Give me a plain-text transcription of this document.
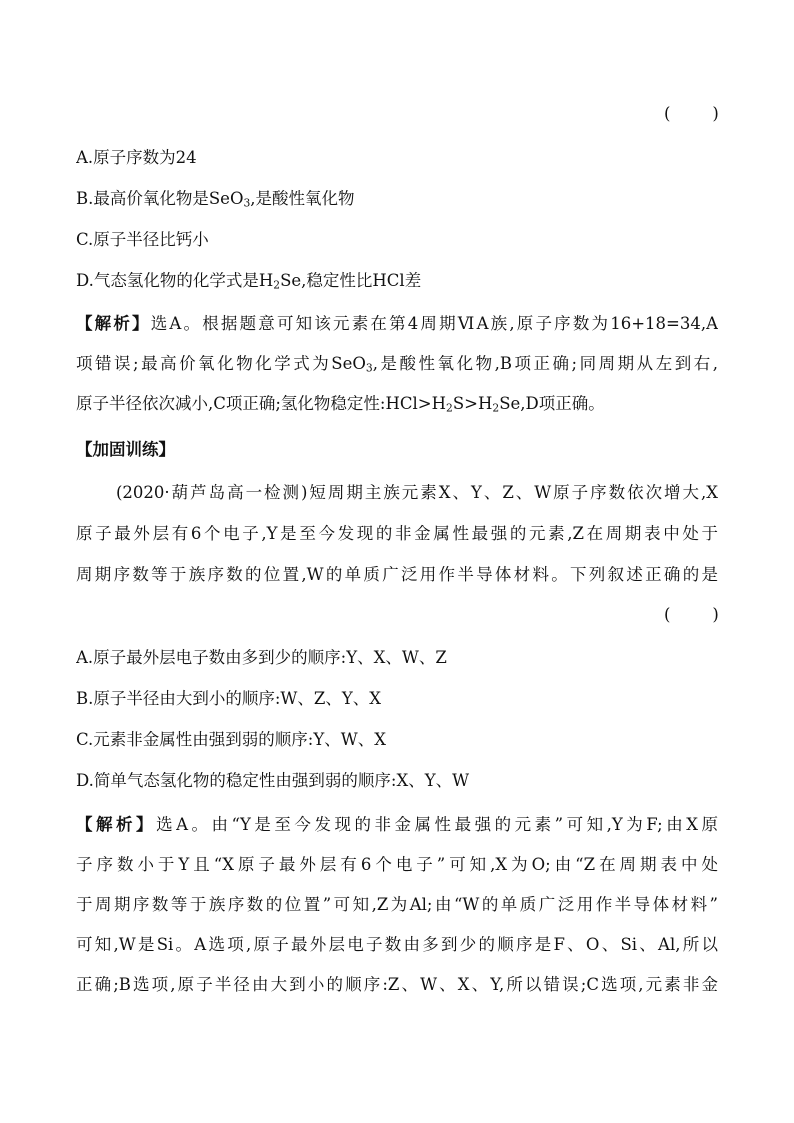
(        )
A.原子序数为24
B.最高价氧化物是SeO$_3$,是酸性氧化物
C.原子半径比钙小
D.气态氢化物的化学式是$H_2Se$,稳定性比HCl差
【解析】选A。根据题意可知该元素在第4周期ⅥA族,原子序数为16+18=34,A
项错误;最高价氧化物化学式为SeO$_3$,是酸性氧化物,B项正确;同周期从左到右,
原子半径依次减小,C项正确;氢化物稳定性$:HCl>H_2S>H_2Se,D$项正确。
【加固训练】
(2020·葫芦岛高一检测)短周期主族元素X、Y、Z、W原子序数依次增大,X
原子最外层有6个电子,Y是至今发现的非金属性最强的元素,Z在周期表中处于
周期序数等于族序数的位置,W的单质广泛用作半导体材料。下列叙述正确的是
(        )
A.原子最外层电子数由多到少的顺序:Y、X、W、Z
B.原子半径由大到小的顺序:W、Z、Y、X
C.元素非金属性由强到弱的顺序:Y、W、X
D.简单气态氢化物的稳定性由强到弱的顺序:X、Y、W
【解析】选A。由“Y是至今发现的非金属性最强的元素”可知,Y为F;由X原
子序数小于Y且“X原子最外层有6个电子”可知,X为O;由“Z在周期表中处
于周期序数等于族序数的位置”可知,Z为Al;由“W的单质广泛用作半导体材料”
可知,W是Si。A选项,原子最外层电子数由多到少的顺序是F、O、Si、Al,所以
正确;B选项,原子半径由大到小的顺序:Z、W、X、Y,所以错误;C选项,元素非金
